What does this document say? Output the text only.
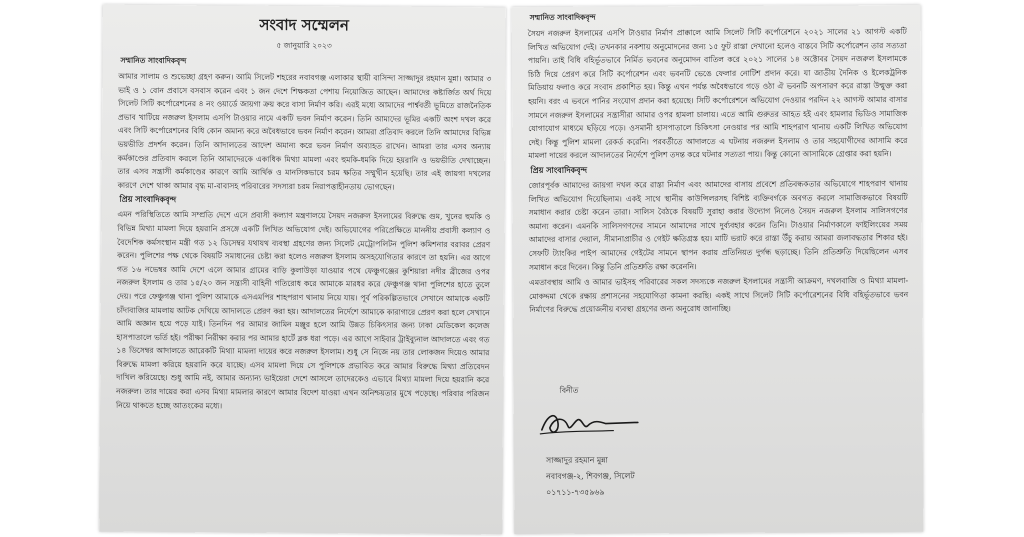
সংবাদ সম্মেলন
৫ জানুয়ারি ২০২৩
সম্মানিত সাংবাদিকবৃন্দ
আমার সালাম ও শুভেচ্ছা গ্রহণ করুন। আমি সিলেট শহরের নবাবগঞ্জ এলাকার স্থায়ী বাসিন্দা সাজ্জাদুর রহমান মুন্না। আমার ৩ ভাই ও ১ বোন প্রবাসে বসবাস করেন এবং ১ জন দেশে শিক্ষকতা পেশায় নিয়োজিত আছেন। আমাদের কষ্টার্জিত অর্থ দিয়ে সিলেট সিটি কর্পোরেশনের ৪ নং ওয়ার্ডে জায়গা ক্রয় করে বাসা নির্মাণ করি। এরই মধ্যে আমাদের পার্শ্ববর্তী ভূমিতে রাজনৈতিক প্রভাব খাটিয়ে নজরুল ইসলাম এসপি টাওয়ার নামে একটি ভবন নির্মাণ করেন। তিনি আমাদের ভূমির একটি অংশ দখল করে এবং সিটি কর্পোরেশনের বিধি কোন অমান্য করে অবৈধভাবে ভবন নির্মাণ করেন। আমরা প্রতিবাদ করলে তিনি আমাদের বিভিন্ন ভয়ভীতি প্রদর্শন করেন। তিনি আদালতের আদেশ অমান্য করে ভবন নির্মাণ অব্যাহত রাখেন। আমরা তার এসব অন্যায় কর্মকাণ্ডের প্রতিবাদ করলে তিনি আমাদেরকে একাধিক মিথ্যা মামলা এবং হুমকি-ধমকি দিয়ে হয়রানি ও ভয়ভীতি দেখাচ্ছেন। তার এসব সন্ত্রাসী কর্মকাণ্ডের কারণে আমি আর্থিক ও মানসিকভাবে চরম ক্ষতির সম্মুখীন হয়েছি। তার এই জায়গা দখলের কারণে দেশে থাকা আমার বৃদ্ধ মা-বাবাসহ পরিবারের সদস্যরা চরম নিরাপত্তাহীনতায় ভোগছেন।
প্রিয় সাংবাদিকবৃন্দ
এমন পরিস্থিতিতে আমি সম্প্রতি দেশে এসে প্রবাসী কল্যাণ মন্ত্রণালয়ে সৈয়দ নজরুল ইসলামের বিরুদ্ধে গুম, খুনের হুমকি ও বিভিন্ন মিথ্যা মামলা দিয়ে হয়রানি প্রসঙ্গে একটি লিখিত অভিযোগ দেই। অভিযোগের পরিপ্রেক্ষিতে মাননীয় প্রবাসী কল্যাণ ও বৈদেশিক কর্মসংস্থান মন্ত্রী গত ১২ ডিসেম্বর যথাযথ ব্যবস্থা গ্রহণের জন্য সিলেট মেট্রোপলিটন পুলিশ কমিশনার বরাবর প্রেরণ করেন। পুলিশের পক্ষ থেকে বিষয়টি সমাধানের চেষ্টা করা হলেও নজরুল ইসলাম অসহযোগিতার কারণে তা হয়নি। এর আগে গত ১৬ নভেম্বর আমি দেশে এলে আমার গ্রামের বাড়ি কুলাউড়া যাওয়ার পথে ফেঞ্চুগঞ্জের কুশিয়ারা নদীর ব্রীজের ওপর নজরুল ইসলাম ও তার ১৫/২০ জন সন্ত্রাসী বাহিনী গতিরোধ করে আমাকে মারধর করে ফেঞ্চুগঞ্জ থানা পুলিশের হাতে তুলে দেয়। পরে ফেঞ্চুগঞ্জ থানা পুলিশ আমাকে এসএমপির শাহপরাণ থানায় নিয়ে যায়। পূর্ব পরিকল্পিতভাবে সেখানে আমাকে একটি চাঁদাবাজির মামলায় আটক দেখিয়ে আদালতে প্রেরণ করা হয়। আদালতের নির্দেশে আমাকে কারাগারে প্রেরণ করা হলে সেখানে আমি অজ্ঞান হয়ে পড়ে যাই। তিনদিন পর আমার জামিন মঞ্জুর হলে আমি উন্নত চিকিৎসার জন্য ঢাকা মেডিকেল কলেজ হাসপাতালে ভর্তি হই। পরীক্ষা নিরীক্ষা করার পর আমার হার্টে ব্লক ধরা পড়ে। এর আগে সাইবার ট্রাইব্যুনাল আদালতে এবং গত ১৪ ডিসেম্বর আদালতে আরেকটি মিথ্যা মামলা দায়ের করে নজরুল ইসলাম। শুধু সে নিজে নয় তার লোকজন দিয়েও আমার বিরুদ্ধে মামলা করিয়ে হয়রানি করে যাচ্ছে। এসব মামলা দিয়ে সে পুলিশকে প্রভাবিত করে আমার বিরুদ্ধে মিথ্যা প্রতিবেদন দাখিল করিয়েছে। শুধু আমি নই, আমার অন্যান্য ভাইয়েরা দেশে আসলে তাদেরকেও এভাবে মিথ্যা মামলা দিয়ে হয়রানি করে নজরুল। তার দায়ের করা এসব মিথ্যা মামলার কারণে আমার বিদেশ যাওয়া এখন অনিশ্চয়তার মুখে পড়েছে। পরিবার পরিজন নিয়ে থাকতে হচ্ছে আতংকের মধ্যে।
সম্মানিত সাংবাদিকবৃন্দ
সৈয়দ নজরুল ইসলামের এসপি টাওয়ার নির্মাণ প্রাক্কালে আমি সিলেট সিটি কর্পোরেশনে ২০২১ সালের ২১ আগস্ট একটি লিখিত অভিযোগ দেই। তখনকার নকশায় অনুমোদনের জন্য ১৫ ফুট রাস্তা দেখানো হলেও বাস্তবে সিটি কর্পোরেশন তার সত্যতা পায়নি। তাই বিধি বহির্ভূতভাবে নির্মিত ভবনের অনুমোদন বাতিল করে ২০২১ সালের ১৪ অক্টোবর সৈয়দ নজরুল ইসলামকে চিঠি দিয়ে প্রেরণ করে সিটি কর্পোরেশন এবং ভবনটি ভেঙে ফেলার নোটিশ প্রদান করে। যা জাতীয় দৈনিক ও ইলেকট্রনিক মিডিয়ায় ফলাও করে সংবাদ প্রকাশিত হয়। কিন্তু এখন পর্যন্ত অবৈধভাবে গড়ে ওঠা ঐ ভবনটি অপসারণ করে রাস্তা উন্মুক্ত করা হয়নি। বরং এ ভবনে পানির সংযোগ প্রদান করা হয়েছে। সিটি কর্পোরেশনে অভিযোগ দেওয়ার পরদিন ২২ আগস্ট আমার বাসার সামনে নজরুল ইসলামের সন্ত্রাসীরা আমার ওপর হামলা চালায়। এতে আমি গুরুতর আহত হই এবং হামলার ভিডিও সামাজিক যোগাযোগ মাধ্যমে ছড়িয়ে পড়ে। ওসমানী হাসপাতালে চিকিৎসা নেওয়ার পর আমি শাহপরাণ থানায় একটি লিখিত অভিযোগ দেই। কিন্তু পুলিশ মামলা রেকর্ড করেনি। পরবর্তীতে আদালতে এ ঘটনায় নজরুল ইসলাম ও তার সহযোগীদের আসামি করে মামলা দায়ের করলে আদালতের নির্দেশে পুলিশ তদন্ত করে ঘটনার সত্যতা পায়। কিন্তু কোনো আসামিকে গ্রেপ্তার করা হয়নি।
প্রিয় সাংবাদিকবৃন্দ
জোরপূর্বক আমাদের জায়গা দখল করে রাস্তা নির্মাণ এবং আমাদের বাসায় প্রবেশে প্রতিবন্ধকতার অভিযোগে শাহপরাণ থানায় লিখিত অভিযোগ দিয়েছিলাম। একই সাথে স্থানীয় কাউন্সিলরসহ বিশিষ্ট ব্যক্তিবর্গকে অবগত করলে সামাজিকভাবে বিষয়টি সমাধান করার চেষ্টা করেন তারা। সালিস বৈঠকে বিষয়টি সুরাহা করার উদ্যোগ নিলেও সৈয়দ নজরুল ইসলাম সালিসগণের অমান্য করেন। এমনকি সালিসগণদের সামনে আমাদের সাথে দুর্ব্যবহার করেন তিনি। টাওয়ার নির্মাণকালে ফাইলিংয়ের সময় আমাদের বাসার দেয়াল, সীমানাপ্রাচীর ও গেইট ক্ষতিগ্রস্ত হয়। মাটি ভরাট করে রাস্তা উঁচু করায় আমরা জলাবদ্ধতার শিকার হই। সেফটি ট্যাংকির পাইপ আমাদের গেইটের সামনে স্থাপন করায় প্রতিনিয়ত দুর্গন্ধ ছড়াচ্ছে। তিনি প্রতিশ্রুতি দিয়েছিলেন এসব সমাধান করে দিবেন। কিন্তু তিনি প্রতিশ্রুতি রক্ষা করেননি।
এমতাবস্থায় আমি ও আমার ভাইসহ পরিবারের সকল সদস্যকে নজরুল ইসলামের সন্ত্রাসী আক্রমণ, দখলবাজি ও মিথ্যা মামলা-মোকদ্দমা থেকে রক্ষায় প্রশাসনের সহযোগিতা কামনা করছি। একই সাথে সিলেট সিটি কর্পোরেশনের বিধি বহির্ভূতভাবে ভবন নির্মাণের বিরুদ্ধে প্রয়োজনীয় ব্যবস্থা গ্রহণের জন্য অনুরোধ জানাচ্ছি।
বিনীত
সাজ্জাদুর রহমান মুন্না
নবাবগঞ্জ-২, শিবগঞ্জ, সিলেট
০১৭১১-৭৩৫৯৬৯
